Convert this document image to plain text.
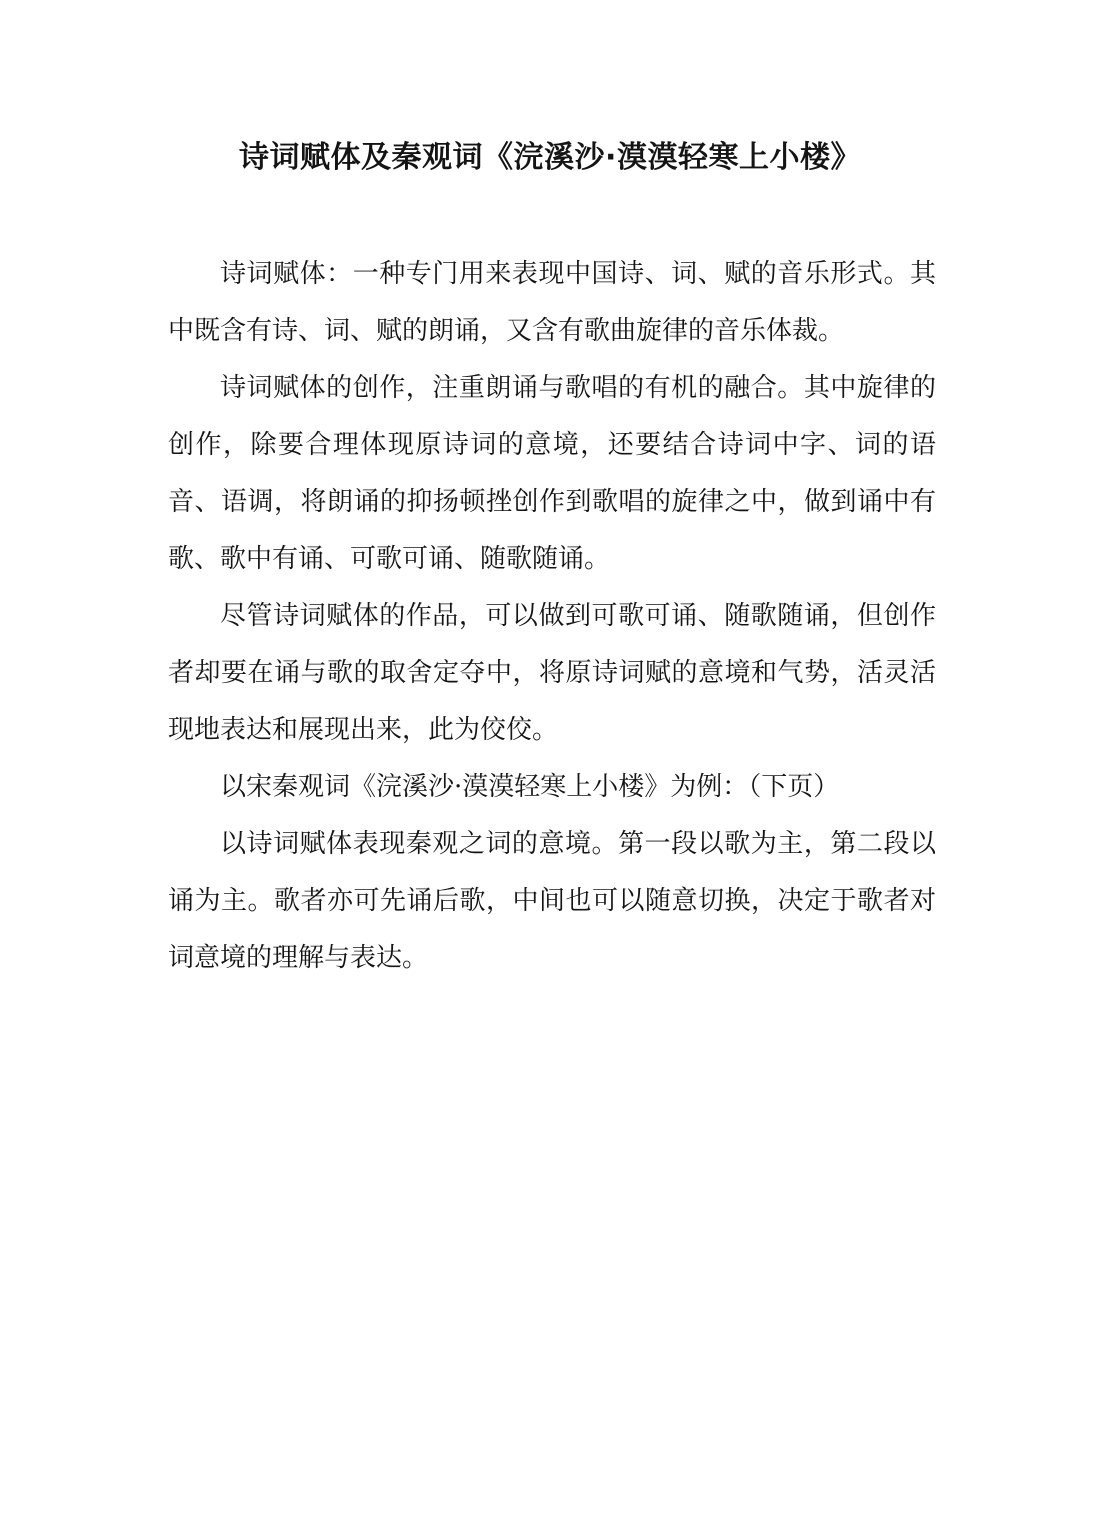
诗词赋体及秦观词《浣溪沙·漠漠轻寒上小楼》

诗词赋体：一种专门用来表现中国诗、词、赋的音乐形式。其中既含有诗、词、赋的朗诵，又含有歌曲旋律的音乐体裁。

诗词赋体的创作，注重朗诵与歌唱的有机的融合。其中旋律的创作，除要合理体现原诗词的意境，还要结合诗词中字、词的语音、语调，将朗诵的抑扬顿挫创作到歌唱的旋律之中，做到诵中有歌、歌中有诵、可歌可诵、随歌随诵。

尽管诗词赋体的作品，可以做到可歌可诵、随歌随诵，但创作者却要在诵与歌的取舍定夺中，将原诗词赋的意境和气势，活灵活现地表达和展现出来，此为佼佼。

以宋秦观词《浣溪沙·漠漠轻寒上小楼》为例：（下页）

以诗词赋体表现秦观之词的意境。第一段以歌为主，第二段以诵为主。歌者亦可先诵后歌，中间也可以随意切换，决定于歌者对词意境的理解与表达。
